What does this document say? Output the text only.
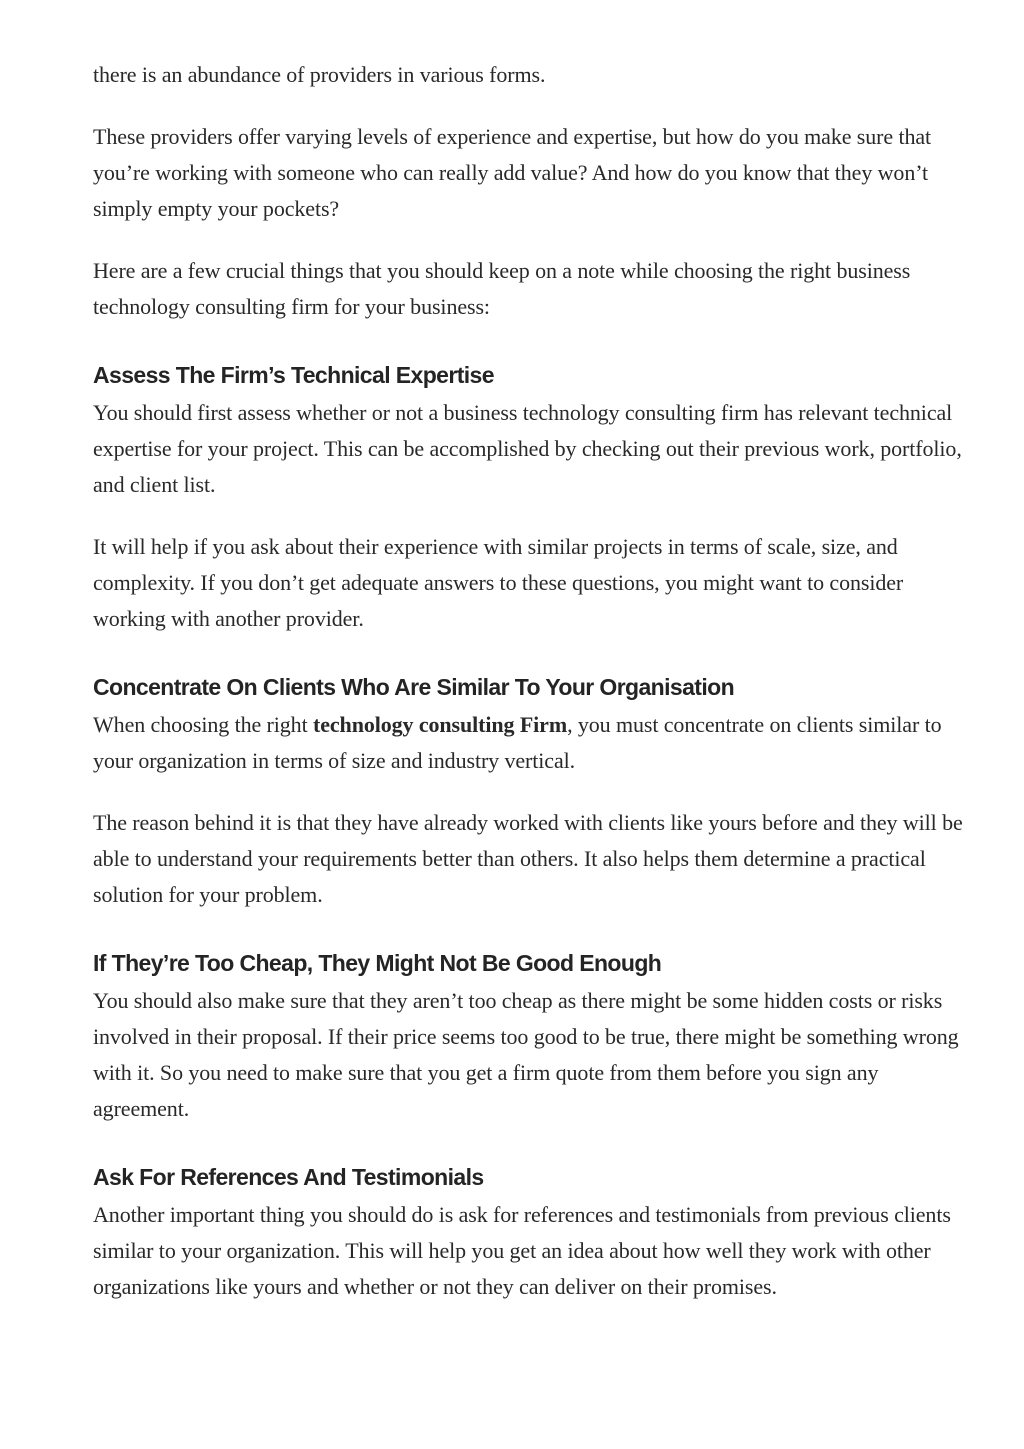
there is an abundance of providers in various forms.

These providers offer varying levels of experience and expertise, but how do you make sure that you’re working with someone who can really add value? And how do you know that they won’t simply empty your pockets?

Here are a few crucial things that you should keep on a note while choosing the right business technology consulting firm for your business:

Assess The Firm’s Technical Expertise

You should first assess whether or not a business technology consulting firm has relevant technical expertise for your project. This can be accomplished by checking out their previous work, portfolio, and client list.

It will help if you ask about their experience with similar projects in terms of scale, size, and complexity. If you don’t get adequate answers to these questions, you might want to consider working with another provider.

Concentrate On Clients Who Are Similar To Your Organisation

When choosing the right technology consulting Firm, you must concentrate on clients similar to your organization in terms of size and industry vertical.

The reason behind it is that they have already worked with clients like yours before and they will be able to understand your requirements better than others. It also helps them determine a practical solution for your problem.

If They’re Too Cheap, They Might Not Be Good Enough

You should also make sure that they aren’t too cheap as there might be some hidden costs or risks involved in their proposal. If their price seems too good to be true, there might be something wrong with it. So you need to make sure that you get a firm quote from them before you sign any agreement.

Ask For References And Testimonials

Another important thing you should do is ask for references and testimonials from previous clients similar to your organization. This will help you get an idea about how well they work with other organizations like yours and whether or not they can deliver on their promises.
